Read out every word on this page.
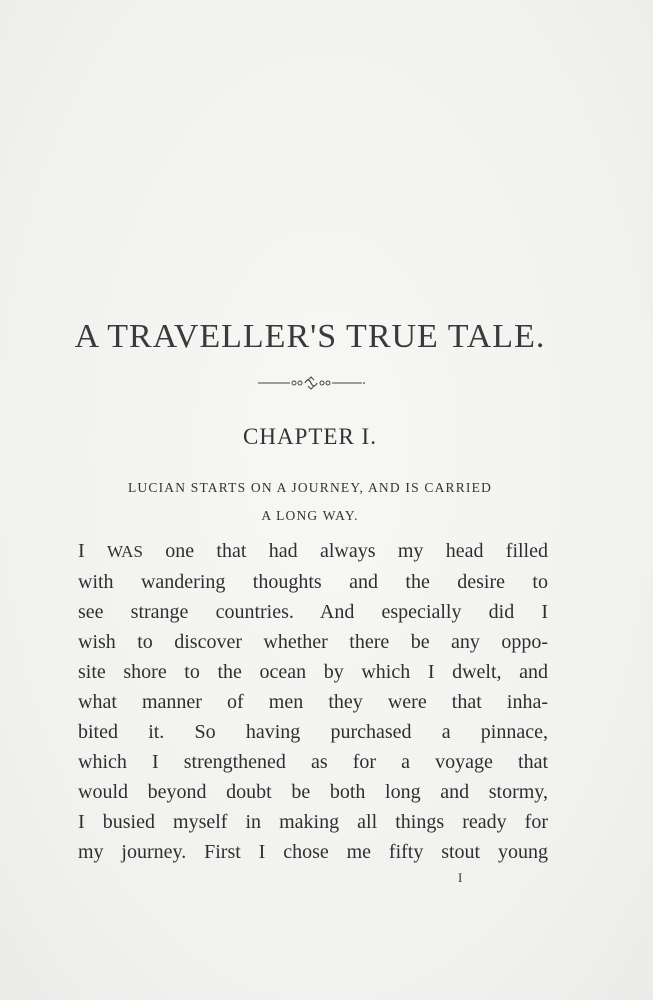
A TRAVELLER'S TRUE TALE.
CHAPTER I.
LUCIAN STARTS ON A JOURNEY, AND IS CARRIED
A LONG WAY.
I WAS one that had always my head filled
with wandering thoughts and the desire to
see strange countries. And especially did I
wish to discover whether there be any oppo-
site shore to the ocean by which I dwelt, and
what manner of men they were that inha-
bited it. So having purchased a pinnace,
which I strengthened as for a voyage that
would beyond doubt be both long and stormy,
I busied myself in making all things ready for
my journey. First I chose me fifty stout young
I
